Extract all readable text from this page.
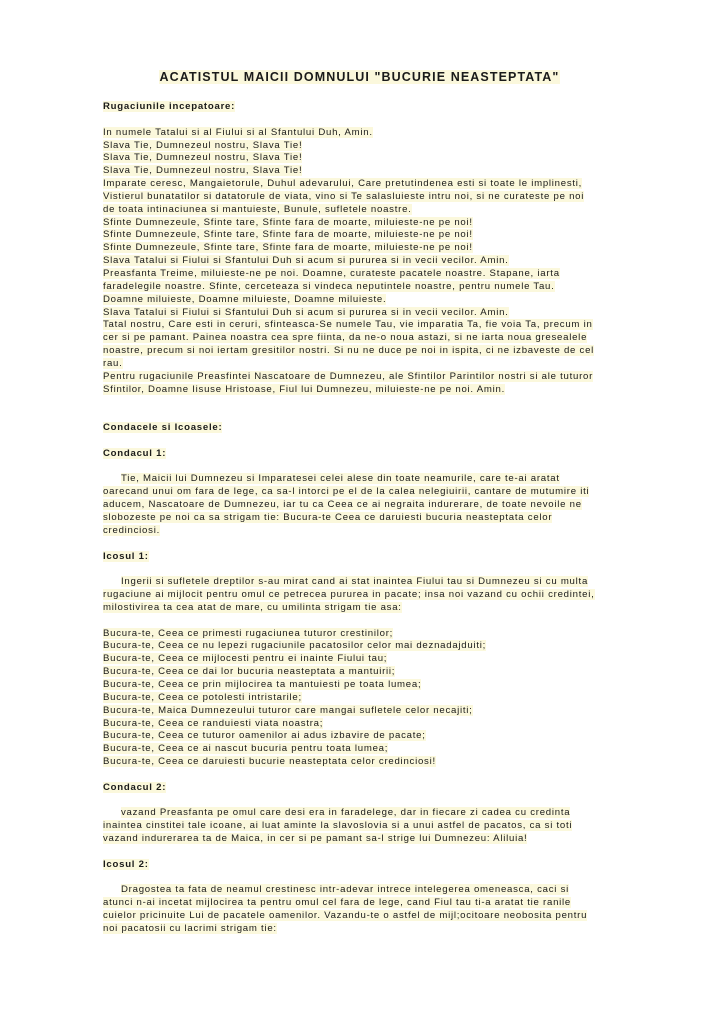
ACATISTUL MAICII DOMNULUI "BUCURIE NEASTEPTATA"
Rugaciunile incepatoare:
In numele Tatalui si al Fiului si al Sfantului Duh, Amin.
Slava Tie, Dumnezeul nostru, Slava Tie!
Slava Tie, Dumnezeul nostru, Slava Tie!
Slava Tie, Dumnezeul nostru, Slava Tie!
Imparate ceresc, Mangaietorule, Duhul adevarului, Care pretutindenea esti si toate le implinesti,
Vistierul bunatatilor si datatorule de viata, vino si Te salasluieste intru noi, si ne curateste pe noi
de toata intinaciunea si mantuieste, Bunule, sufletele noastre.
Sfinte Dumnezeule, Sfinte tare, Sfinte fara de moarte, miluieste-ne pe noi!
Sfinte Dumnezeule, Sfinte tare, Sfinte fara de moarte, miluieste-ne pe noi!
Sfinte Dumnezeule, Sfinte tare, Sfinte fara de moarte, miluieste-ne pe noi!
Slava Tatalui si Fiului si Sfantului Duh si acum si pururea si in vecii vecilor. Amin.
Preasfanta Treime, miluieste-ne pe noi. Doamne, curateste pacatele noastre. Stapane, iarta
faradelegile noastre. Sfinte, cerceteaza si vindeca neputintele noastre, pentru numele Tau.
Doamne miluieste, Doamne miluieste, Doamne miluieste.
Slava Tatalui si Fiului si Sfantului Duh si acum si pururea si in vecii vecilor. Amin.
Tatal nostru, Care esti in ceruri, sfinteasca-Se numele Tau, vie imparatia Ta, fie voia Ta, precum in
cer si pe pamant. Painea noastra cea spre fiinta, da ne-o noua astazi, si ne iarta noua gresealele
noastre, precum si noi iertam gresitilor nostri. Si nu ne duce pe noi in ispita, ci ne izbaveste de cel
rau.
Pentru rugaciunile Preasfintei Nascatoare de Dumnezeu, ale Sfintilor Parintilor nostri si ale tuturor
Sfintilor, Doamne Iisuse Hristoase, Fiul lui Dumnezeu, miluieste-ne pe noi. Amin.
Condacele si Icoasele:
Condacul 1:
Tie, Maicii lui Dumnezeu si Imparatesei celei alese din toate neamurile, care te-ai aratat
oarecand unui om fara de lege, ca sa-l intorci pe el de la calea nelegiuirii, cantare de mutumire iti
aducem, Nascatoare de Dumnezeu, iar tu ca Ceea ce ai negraita indurerare, de toate nevoile ne
slobozeste pe noi ca sa strigam tie: Bucura-te Ceea ce daruiesti bucuria neasteptata celor
credinciosi.
Icosul 1:
Ingerii si sufletele dreptilor s-au mirat cand ai stat inaintea Fiului tau si Dumnezeu si cu multa
rugaciune ai mijlocit pentru omul ce petrecea pururea in pacate; insa noi vazand cu ochii credintei,
milostivirea ta cea atat de mare, cu umilinta strigam tie asa:
Bucura-te, Ceea ce primesti rugaciunea tuturor crestinilor;
Bucura-te, Ceea ce nu lepezi rugaciunile pacatosilor celor mai deznadajduiti;
Bucura-te, Ceea ce mijlocesti pentru ei inainte Fiului tau;
Bucura-te, Ceea ce dai lor bucuria neasteptata a mantuirii;
Bucura-te, Ceea ce prin mijlocirea ta mantuiesti pe toata lumea;
Bucura-te, Ceea ce potolesti intristarile;
Bucura-te, Maica Dumnezeului tuturor care mangai sufletele celor necajiti;
Bucura-te, Ceea ce randuiesti viata noastra;
Bucura-te, Ceea ce tuturor oamenilor ai adus izbavire de pacate;
Bucura-te, Ceea ce ai nascut bucuria pentru toata lumea;
Bucura-te, Ceea ce daruiesti bucurie neasteptata celor credinciosi!
Condacul 2:
vazand Preasfanta pe omul care desi era in faradelege, dar in fiecare zi cadea cu credinta
inaintea cinstitei tale icoane, ai luat aminte la slavoslovia si a unui astfel de pacatos, ca si toti
vazand indurerarea ta de Maica, in cer si pe pamant sa-l strige lui Dumnezeu: Aliluia!
Icosul 2:
Dragostea ta fata de neamul crestinesc intr-adevar intrece intelegerea omeneasca, caci si
atunci n-ai incetat mijlocirea ta pentru omul cel fara de lege, cand Fiul tau ti-a aratat tie ranile
cuielor pricinuite Lui de pacatele oamenilor. Vazandu-te o astfel de mijl;ocitoare neobosita pentru
noi pacatosii cu lacrimi strigam tie:
